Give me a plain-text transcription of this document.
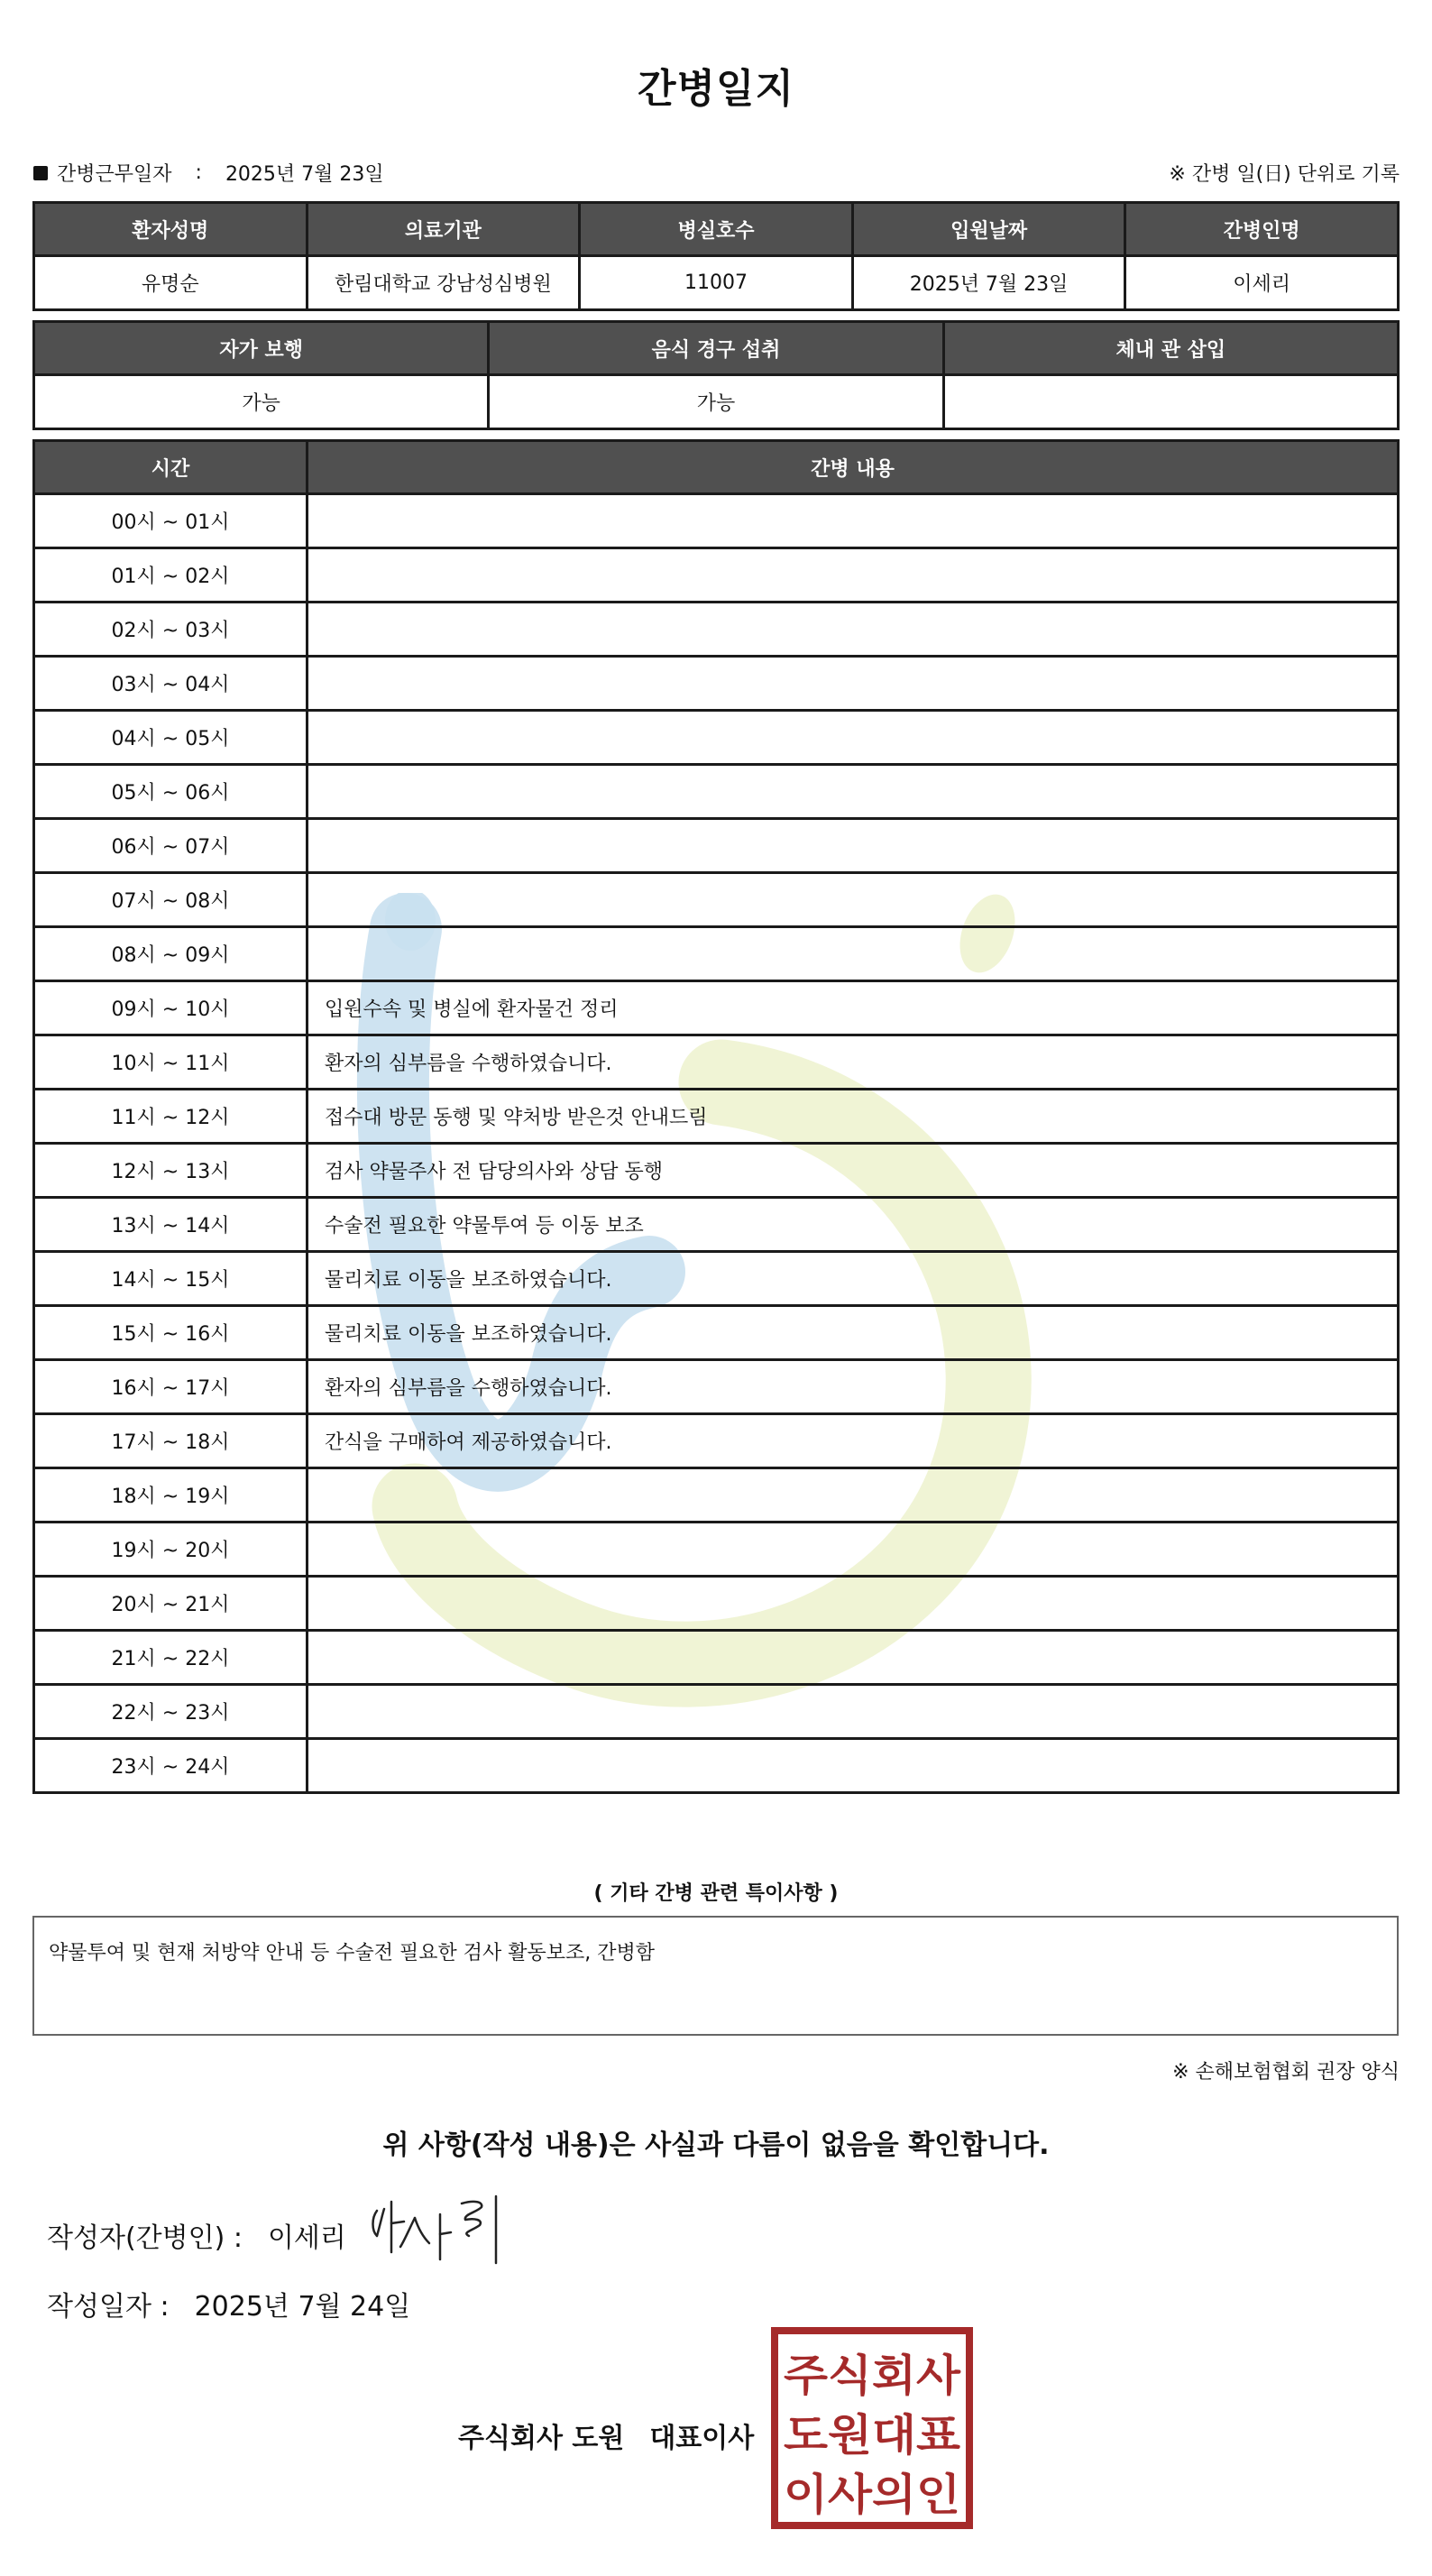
간병일지
간병근무일자 : 2025년 7월 23일	※ 간병 일(日) 단위로 기록
환자성명	의료기관	병실호수	입원날짜	간병인명
유명순	한림대학교 강남성심병원	11007	2025년 7월 23일	이세리
자가 보행	음식 경구 섭취	체내 관 삽입
가능	가능	
시간	간병 내용
00시 ~ 01시	
01시 ~ 02시	
02시 ~ 03시	
03시 ~ 04시	
04시 ~ 05시	
05시 ~ 06시	
06시 ~ 07시	
07시 ~ 08시	
08시 ~ 09시	
09시 ~ 10시	입원수속 및 병실에 환자물건 정리
10시 ~ 11시	환자의 심부름을 수행하였습니다.
11시 ~ 12시	접수대 방문 동행 및 약처방 받은것 안내드림
12시 ~ 13시	검사 약물주사 전 담당의사와 상담 동행
13시 ~ 14시	수술전 필요한 약물투여 등 이동 보조
14시 ~ 15시	물리치료 이동을 보조하였습니다.
15시 ~ 16시	물리치료 이동을 보조하였습니다.
16시 ~ 17시	환자의 심부름을 수행하였습니다.
17시 ~ 18시	간식을 구매하여 제공하였습니다.
18시 ~ 19시	
19시 ~ 20시	
20시 ~ 21시	
21시 ~ 22시	
22시 ~ 23시	
23시 ~ 24시	
( 기타 간병 관련 특이사항 )
약물투여 및 현재 처방약 안내 등 수술전 필요한 검사 활동보조, 간병함
※ 손해보험협회 권장 양식
위 사항(작성 내용)은 사실과 다름이 없음을 확인합니다.
작성자(간병인) : 이세리
작성일자 : 2025년 7월 24일
주식회사 도원 대표이사
주식회사
도원대표
이사의인
